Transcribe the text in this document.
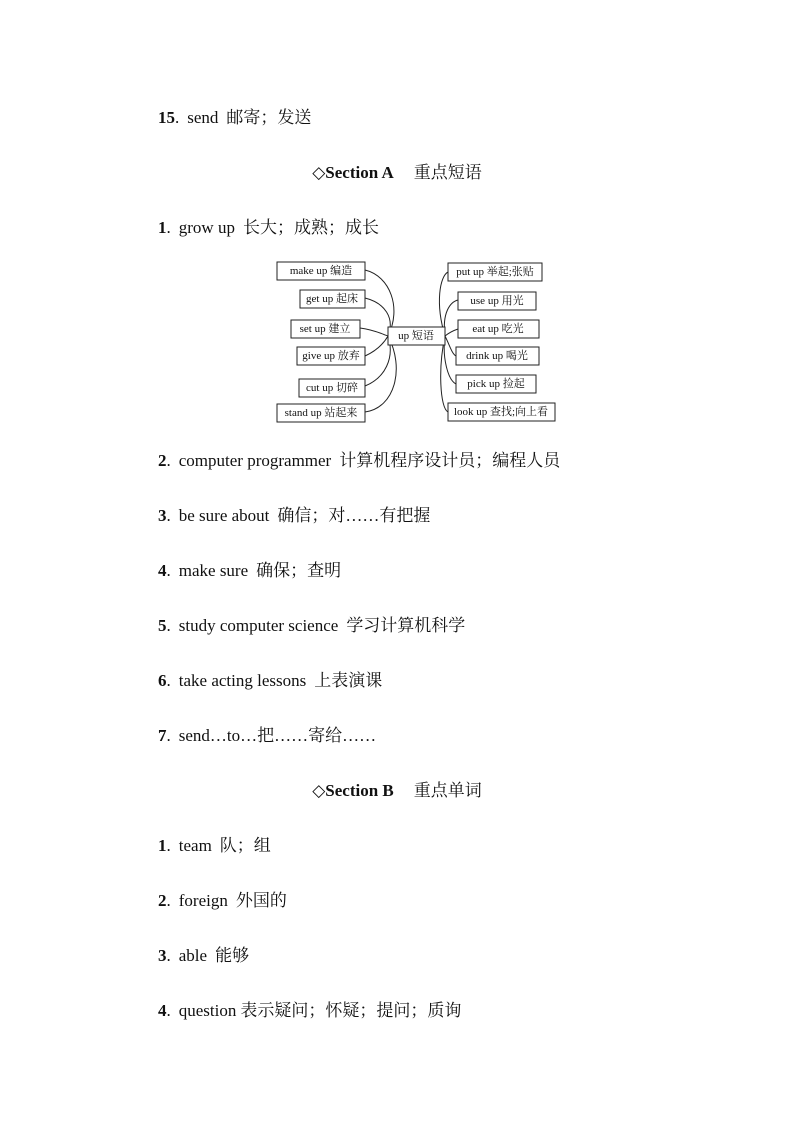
15. send 邮寄；发送
◇Section A 重点短语
1. grow up 长大；成熟；成长
make up 编造
get up 起床
set up 建立
give up 放弃
cut up 切碎
stand up 站起来
up 短语
put up 举起;张贴
use up 用光
eat up 吃光
drink up 喝光
pick up 捡起
look up 查找;向上看
2. computer programmer 计算机程序设计员；编程人员
3. be sure about 确信；对……有把握
4. make sure 确保；查明
5. study computer science 学习计算机科学
6. take acting lessons 上表演课
7. send…to…把……寄给……
◇Section B 重点单词
1. team 队；组
2. foreign 外国的
3. able 能够
4. question 表示疑问；怀疑；提问；质询
